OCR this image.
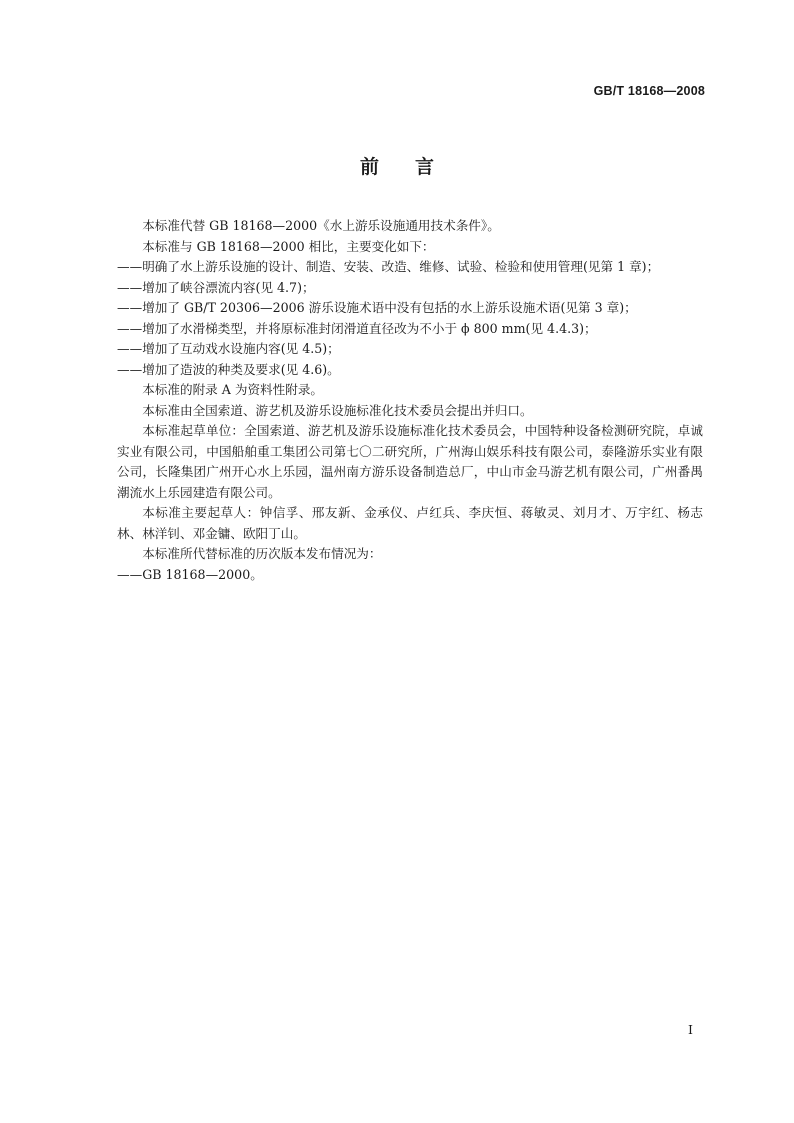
GB/T 18168—2008
前言

本标准代替 GB 18168—2000《水上游乐设施通用技术条件》。

本标准与 GB 18168—2000 相比，主要变化如下：

——明确了水上游乐设施的设计、制造、安装、改造、维修、试验、检验和使用管理(见第 1 章)；

——增加了峡谷漂流内容(见 4.7)；

——增加了 GB/T 20306—2006 游乐设施术语中没有包括的水上游乐设施术语(见第 3 章)；

——增加了水滑梯类型，并将原标准封闭滑道直径改为不小于 ϕ 800 mm(见 4.4.3)；

——增加了互动戏水设施内容(见 4.5)；

——增加了造波的种类及要求(见 4.6)。

本标准的附录 A 为资料性附录。

本标准由全国索道、游艺机及游乐设施标准化技术委员会提出并归口。

本标准起草单位：全国索道、游艺机及游乐设施标准化技术委员会，中国特种设备检测研究院，卓诚实业有限公司，中国船舶重工集团公司第七〇二研究所，广州海山娱乐科技有限公司，泰隆游乐实业有限公司，长隆集团广州开心水上乐园，温州南方游乐设备制造总厂，中山市金马游艺机有限公司，广州番禺潮流水上乐园建造有限公司。

本标准主要起草人：钟信孚、邢友新、金承仪、卢红兵、李庆恒、蒋敏灵、刘月才、万宇红、杨志林、林洋钊、邓金镛、欧阳丁山。

本标准所代替标准的历次版本发布情况为：

——GB 18168—2000。

I
